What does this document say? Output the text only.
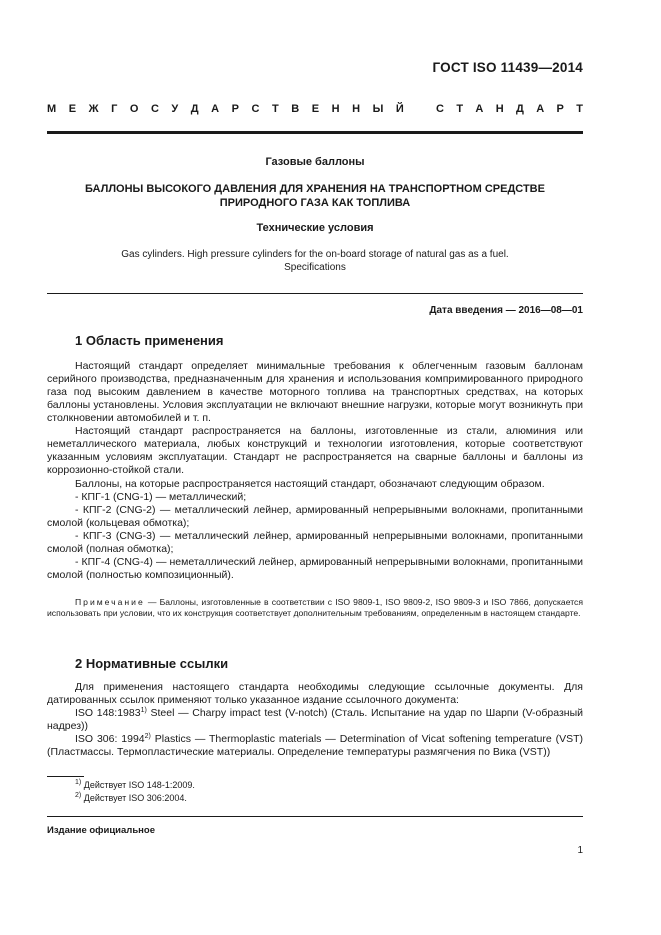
ГОСТ ISO 11439—2014
М Е Ж Г О С У Д А Р С Т В Е Н Н Ы Й	С Т А Н Д А Р Т
Газовые баллоны
БАЛЛОНЫ ВЫСОКОГО ДАВЛЕНИЯ ДЛЯ ХРАНЕНИЯ НА ТРАНСПОРТНОМ СРЕДСТВЕ
ПРИРОДНОГО ГАЗА КАК ТОПЛИВА
Технические условия
Gas cylinders. High pressure cylinders for the on-board storage of natural gas as a fuel.
Specifications
Дата введения — 2016—08—01
1 Область применения
Настоящий стандарт определяет минимальные требования к облегченным газовым баллонам серийного производства, предназначенным для хранения и использования компримированного природного газа под высоким давлением в качестве моторного топлива на транспортных средствах, на которых баллоны установлены. Условия эксплуатации не включают внешние нагрузки, которые могут возникнуть при столкновении автомобилей и т. п.
Настоящий стандарт распространяется на баллоны, изготовленные из стали, алюминия или неметаллического материала, любых конструкций и технологии изготовления, которые соответствуют указанным условиям эксплуатации. Стандарт не распространяется на сварные баллоны и баллоны из коррозионно-стойкой стали.
Баллоны, на которые распространяется настоящий стандарт, обозначают следующим образом.
- КПГ-1 (CNG-1) — металлический;
- КПГ-2 (CNG-2) — металлический лейнер, армированный непрерывными волокнами, пропитанными смолой (кольцевая обмотка);
- КПГ-3 (CNG-3) — металлический лейнер, армированный непрерывными волокнами, пропитанными смолой (полная обмотка);
- КПГ-4 (CNG-4) — неметаллический лейнер, армированный непрерывными волокнами, пропитанными смолой (полностью композиционный).
Примечание — Баллоны, изготовленные в соответствии с ISO 9809-1, ISO 9809-2, ISO 9809-3 и ISO 7866, допускается использовать при условии, что их конструкция соответствует дополнительным требованиям, определенным в настоящем стандарте.
2 Нормативные ссылки
Для применения настоящего стандарта необходимы следующие ссылочные документы. Для датированных ссылок применяют только указанное издание ссылочного документа:
ISO 148:1983$^{1)}$ Steel — Charpy impact test (V-notch) (Сталь. Испытание на удар по Шарпи (V-образный надрез))
ISO 306: 1994$^{2)}$ Plastics — Thermoplastic materials — Determination of Vicat softening temperature (VST) (Пластмассы. Термопластические материалы. Определение температуры размягчения по Вика (VST))
$^{1)}$ Действует ISO 148-1:2009.
$^{2)}$ Действует ISO 306:2004.
Издание официальное
1
